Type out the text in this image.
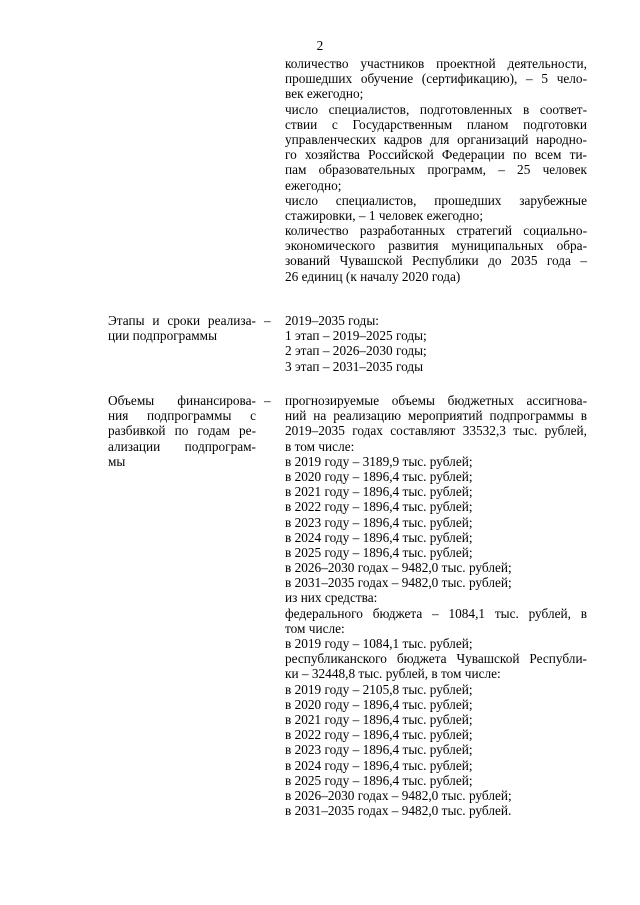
2
количество участников проектной деятельности,
прошедших обучение (сертификацию), – 5 чело-
век ежегодно;
число специалистов, подготовленных в соответ-
ствии с Государственным планом подготовки
управленческих кадров для организаций народно-
го хозяйства Российской Федерации по всем ти-
пам образовательных программ, – 25 человек
ежегодно;
число специалистов, прошедших зарубежные
стажировки, – 1 человек ежегодно;
количество разработанных стратегий социально-
экономического развития муниципальных обра-
зований Чувашской Республики до 2035 года –
26 единиц (к началу 2020 года)
Этапы и сроки реализа-
ции подпрограммы
– 2019–2035 годы:
1 этап – 2019–2025 годы;
2 этап – 2026–2030 годы;
3 этап – 2031–2035 годы
Объемы финансирова-
ния подпрограммы с
разбивкой по годам ре-
ализации подпрограм-
мы
– прогнозируемые объемы бюджетных ассигнова-
ний на реализацию мероприятий подпрограммы в
2019–2035 годах составляют 33532,3 тыс. рублей,
в том числе:
в 2019 году – 3189,9 тыс. рублей;
в 2020 году – 1896,4 тыс. рублей;
в 2021 году – 1896,4 тыс. рублей;
в 2022 году – 1896,4 тыс. рублей;
в 2023 году – 1896,4 тыс. рублей;
в 2024 году – 1896,4 тыс. рублей;
в 2025 году – 1896,4 тыс. рублей;
в 2026–2030 годах – 9482,0 тыс. рублей;
в 2031–2035 годах – 9482,0 тыс. рублей;
из них средства:
федерального бюджета – 1084,1 тыс. рублей, в
том числе:
в 2019 году – 1084,1 тыс. рублей;
республиканского бюджета Чувашской Республи-
ки – 32448,8 тыс. рублей, в том числе:
в 2019 году – 2105,8 тыс. рублей;
в 2020 году – 1896,4 тыс. рублей;
в 2021 году – 1896,4 тыс. рублей;
в 2022 году – 1896,4 тыс. рублей;
в 2023 году – 1896,4 тыс. рублей;
в 2024 году – 1896,4 тыс. рублей;
в 2025 году – 1896,4 тыс. рублей;
в 2026–2030 годах – 9482,0 тыс. рублей;
в 2031–2035 годах – 9482,0 тыс. рублей.
